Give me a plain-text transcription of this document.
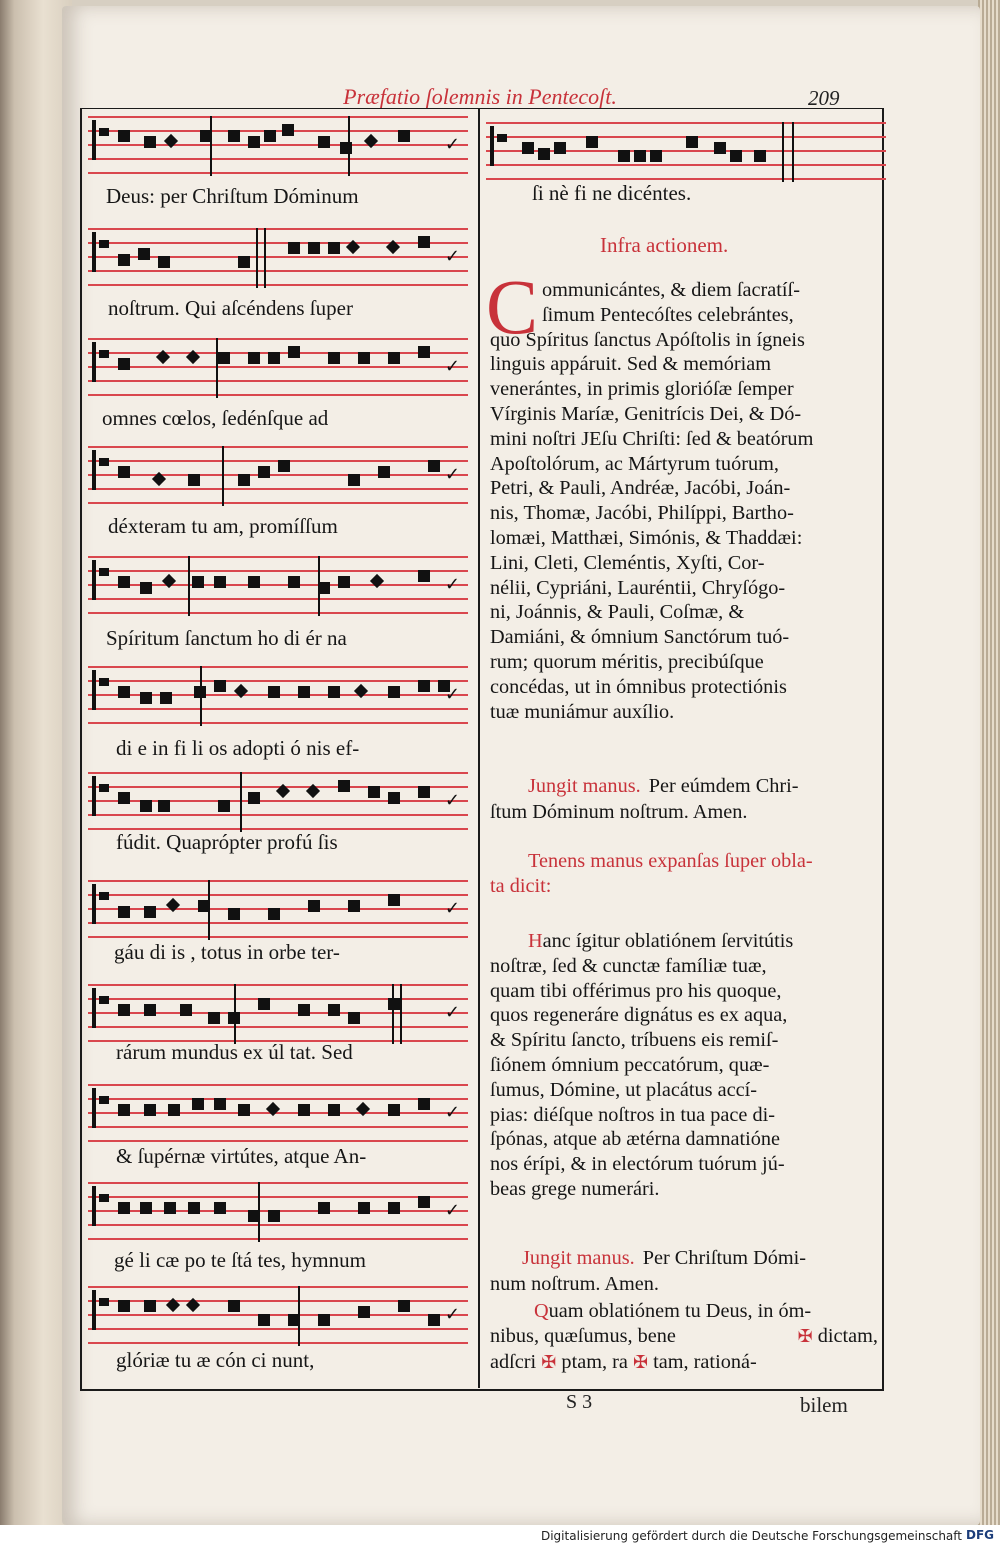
Præfatio ſolemnis in Pentecoſt.	209
✓
Deus: per Chriſtum Dóminum
✓
noſtrum. Qui aſcéndens ſuper
✓
omnes cœlos, ſedénſque ad
✓
déxteram tu am, promíſſum
✓
Spíritum ſanctum ho di ér na
✓
di e in fi li os adopti ó nis ef-
✓
fúdit. Quaprópter profú ſis
✓
gáu di is , totus in orbe ter-
✓
rárum mundus ex úl tat. Sed
✓
& ſupérnæ virtútes, atque An-
✓
gé li cæ po te ſtá tes, hymnum
✓
glóriæ tu æ cón ci nunt,
ſi nè fi ne dicéntes.
Infra actionem.
C ommunicántes, & diem ſacratíſ-
ſimum Pentecóſtes celebrántes,
quo Spíritus ſanctus Apóſtolis in ígneis
linguis appáruit. Sed & memóriam
venerántes, in primis glorióſæ ſemper
Vírginis Maríæ, Genitrícis Dei, & Dó-
mini noſtri JEſu Chriſti: ſed & beatórum
Apoſtolórum, ac Mártyrum tuórum,
Petri, & Pauli, Andréæ, Jacóbi, Joán-
nis, Thomæ, Jacóbi, Philíppi, Bartho-
lomæi, Matthæi, Simónis, & Thaddæi:
Lini, Cleti, Cleméntis, Xyſti, Cor-
nélii, Cypriáni, Lauréntii, Chryſógo-
ni, Joánnis, & Pauli, Coſmæ, &
Damiáni, & ómnium Sanctórum tuó-
rum; quorum méritis, precibúſque
concédas, ut in ómnibus protectiónis
tuæ muniámur auxílio.
Jungit manus. Per eúmdem Chri-
ſtum Dóminum noſtrum. Amen.
Tenens manus expanſas ſuper obla-
ta dicit:
Hanc ígitur oblatiónem ſervitútis
noſtræ, ſed & cunctæ famíliæ tuæ,
quam tibi offérimus pro his quoque,
quos regeneráre dignátus es ex aqua,
& Spíritu ſancto, tríbuens eis remiſ-
ſiónem ómnium peccatórum, quæ-
ſumus, Dómine, ut placátus accí-
pias: diéſque noſtros in tua pace di-
ſpónas, atque ab ætérna damnatióne
nos érípi, & in electórum tuórum jú-
beas grege numerári.
Jungit manus. Per Chriſtum Dómi-
num noſtrum. Amen.
Quam oblatiónem tu Deus, in óm-
nibus, quæſumus, bene	✠ dictam,
adſcri ✠ ptam, ra ✠ tam, rationá-
S 3	bilem
Digitalisierung gefördert durch die Deutsche Forschungsgemeinschaft DFG
